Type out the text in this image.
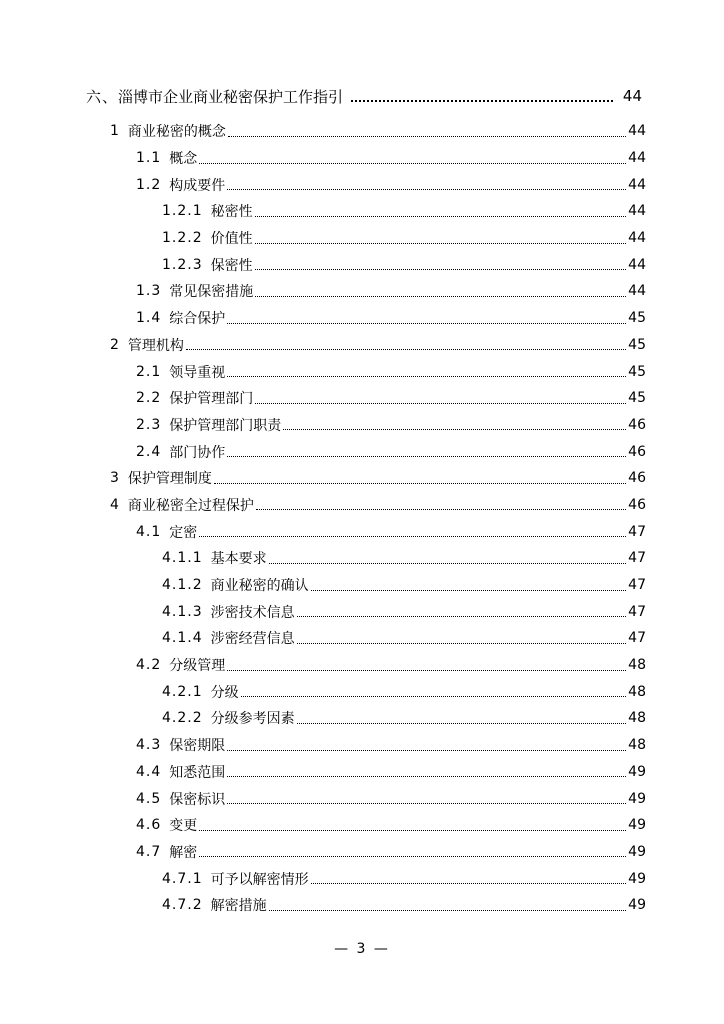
六、 淄博市企业商业秘密保护工作指引	44
1 商业秘密的概念	44
1.1 概念	44
1.2 构成要件	44
1.2.1 秘密性	44
1.2.2 价值性	44
1.2.3 保密性	44
1.3 常见保密措施	44
1.4 综合保护	45
2 管理机构	45
2.1 领导重视	45
2.2 保护管理部门	45
2.3 保护管理部门职责	46
2.4 部门协作	46
3 保护管理制度	46
4 商业秘密全过程保护	46
4.1 定密	47
4.1.1 基本要求	47
4.1.2 商业秘密的确认	47
4.1.3 涉密技术信息	47
4.1.4 涉密经营信息	47
4.2 分级管理	48
4.2.1 分级	48
4.2.2 分级参考因素	48
4.3 保密期限	48
4.4 知悉范围	49
4.5 保密标识	49
4.6 变更	49
4.7 解密	49
4.7.1 可予以解密情形	49
4.7.2 解密措施	49
— 3 —
